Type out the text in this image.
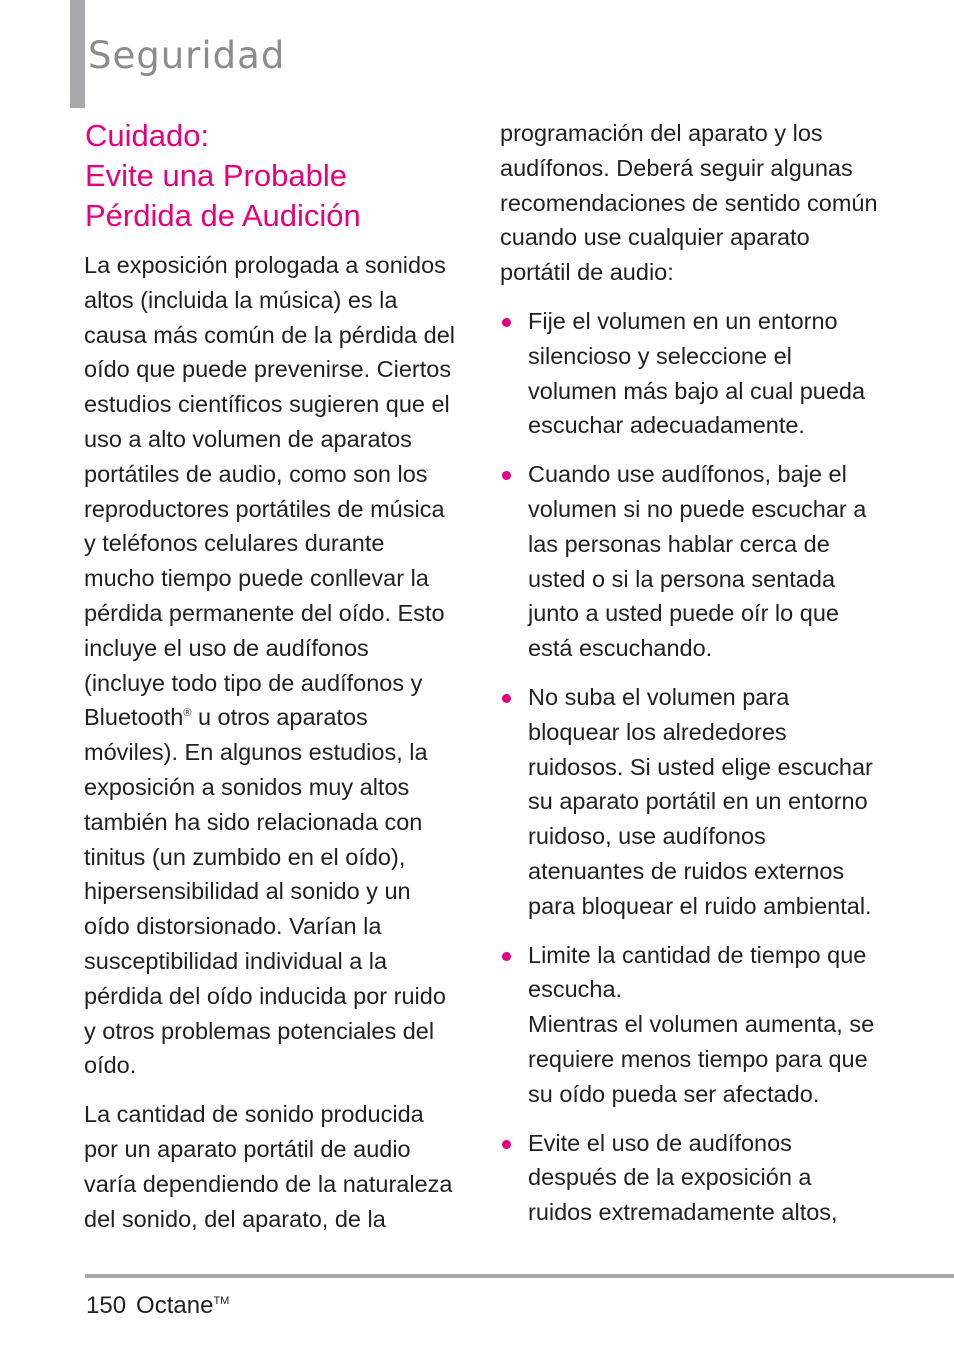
Seguridad
Cuidado:
Evite una Probable
Pérdida de Audición

La exposición prologada a sonidos altos (incluida la música) es la causa más común de la pérdida del oído que puede prevenirse. Ciertos estudios científicos sugieren que el uso a alto volumen de aparatos portátiles de audio, como son los reproductores portátiles de música y teléfonos celulares durante mucho tiempo puede conllevar la pérdida permanente del oído. Esto incluye el uso de audífonos (incluye todo tipo de audífonos y Bluetooth® u otros aparatos móviles). En algunos estudios, la exposición a sonidos muy altos también ha sido relacionada con tinitus (un zumbido en el oído), hipersensibilidad al sonido y un oído distorsionado. Varían la susceptibilidad individual a la pérdida del oído inducida por ruido y otros problemas potenciales del oído.

La cantidad de sonido producida por un aparato portátil de audio varía dependiendo de la naturaleza del sonido, del aparato, de la

programación del aparato y los audífonos. Deberá seguir algunas recomendaciones de sentido común cuando use cualquier aparato portátil de audio:

Fije el volumen en un entorno silencioso y seleccione el volumen más bajo al cual pueda escuchar adecuadamente.
Cuando use audífonos, baje el volumen si no puede escuchar a las personas hablar cerca de usted o si la persona sentada junto a usted puede oír lo que está escuchando.
No suba el volumen para bloquear los alrededores ruidosos. Si usted elige escuchar su aparato portátil en un entorno ruidoso, use audífonos atenuantes de ruidos externos para bloquear el ruido ambiental.
Limite la cantidad de tiempo que escucha.
Mientras el volumen aumenta, se requiere menos tiempo para que su oído pueda ser afectado.
Evite el uso de audífonos después de la exposición a ruidos extremadamente altos,
150 Octane™
